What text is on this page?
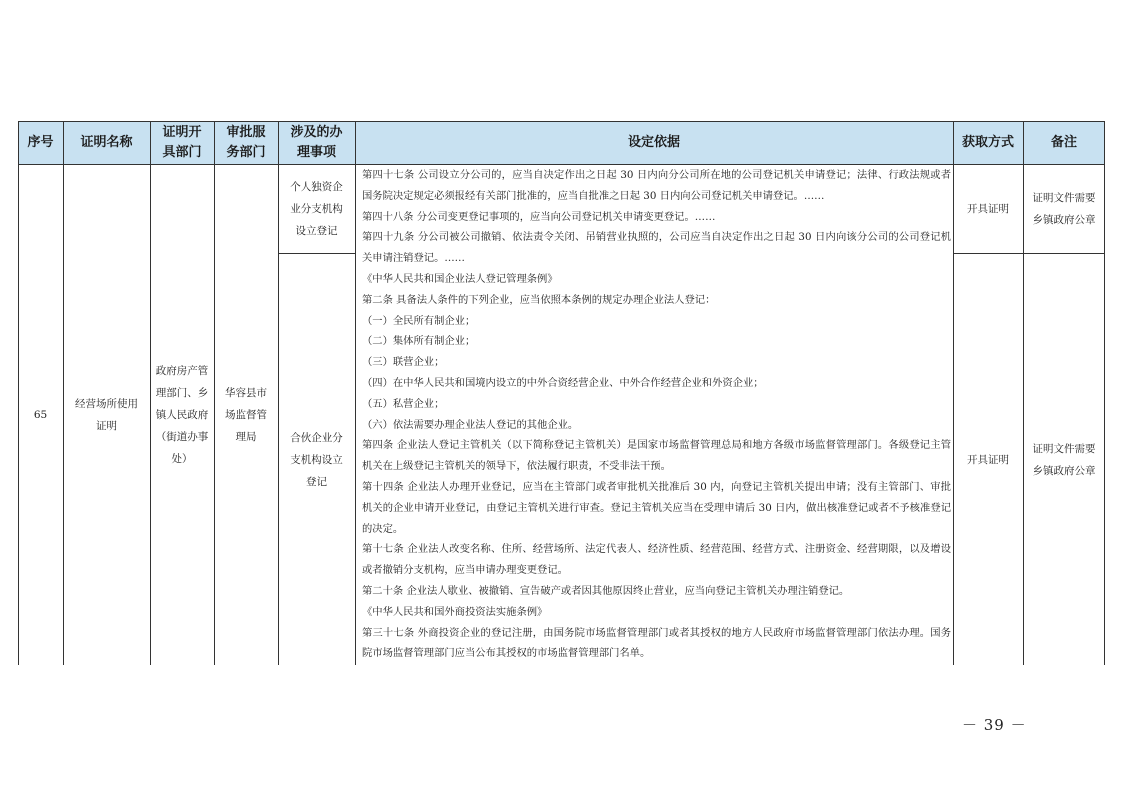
序号 证明名称
证明开具部门
审批服务部门
涉及的办理事项
设定依据	获取方式	备注
65
经营场所使用证明
政府房产管理部门、乡镇人民政府（街道办事处）
华容县市场监督管理局
个人独资企业分支机构设立登记
合伙企业分支机构设立登记
开具证明
开具证明
证明文件需要乡镇政府公章
证明文件需要乡镇政府公章

第四十七条 公司设立分公司的，应当自决定作出之日起 30 日内向分公司所在地的公司登记机关申请登记；法律、行政法规或者国务院决定规定必须报经有关部门批准的，应当自批准之日起 30 日内向公司登记机关申请登记。……

第四十八条 分公司变更登记事项的，应当向公司登记机关申请变更登记。……

第四十九条 分公司被公司撤销、依法责令关闭、吊销营业执照的，公司应当自决定作出之日起 30 日内向该分公司的公司登记机关申请注销登记。……

《中华人民共和国企业法人登记管理条例》

第二条 具备法人条件的下列企业，应当依照本条例的规定办理企业法人登记：

（一）全民所有制企业；

（二）集体所有制企业；

（三）联营企业；

（四）在中华人民共和国境内设立的中外合资经营企业、中外合作经营企业和外资企业；

（五）私营企业；

（六）依法需要办理企业法人登记的其他企业。

第四条 企业法人登记主管机关（以下简称登记主管机关）是国家市场监督管理总局和地方各级市场监督管理部门。各级登记主管机关在上级登记主管机关的领导下，依法履行职责，不受非法干预。

第十四条 企业法人办理开业登记，应当在主管部门或者审批机关批准后 30 内，向登记主管机关提出申请；没有主管部门、审批机关的企业申请开业登记，由登记主管机关进行审查。登记主管机关应当在受理申请后 30 日内，做出核准登记或者不予核准登记的决定。

第十七条 企业法人改变名称、住所、经营场所、法定代表人、经济性质、经营范围、经营方式、注册资金、经营期限，以及增设或者撤销分支机构，应当申请办理变更登记。

第二十条 企业法人歇业、被撤销、宣告破产或者因其他原因终止营业，应当向登记主管机关办理注销登记。

《中华人民共和国外商投资法实施条例》

第三十七条 外商投资企业的登记注册，由国务院市场监督管理部门或者其授权的地方人民政府市场监督管理部门依法办理。国务院市场监督管理部门应当公布其授权的市场监督管理部门名单。

－ 39 －
